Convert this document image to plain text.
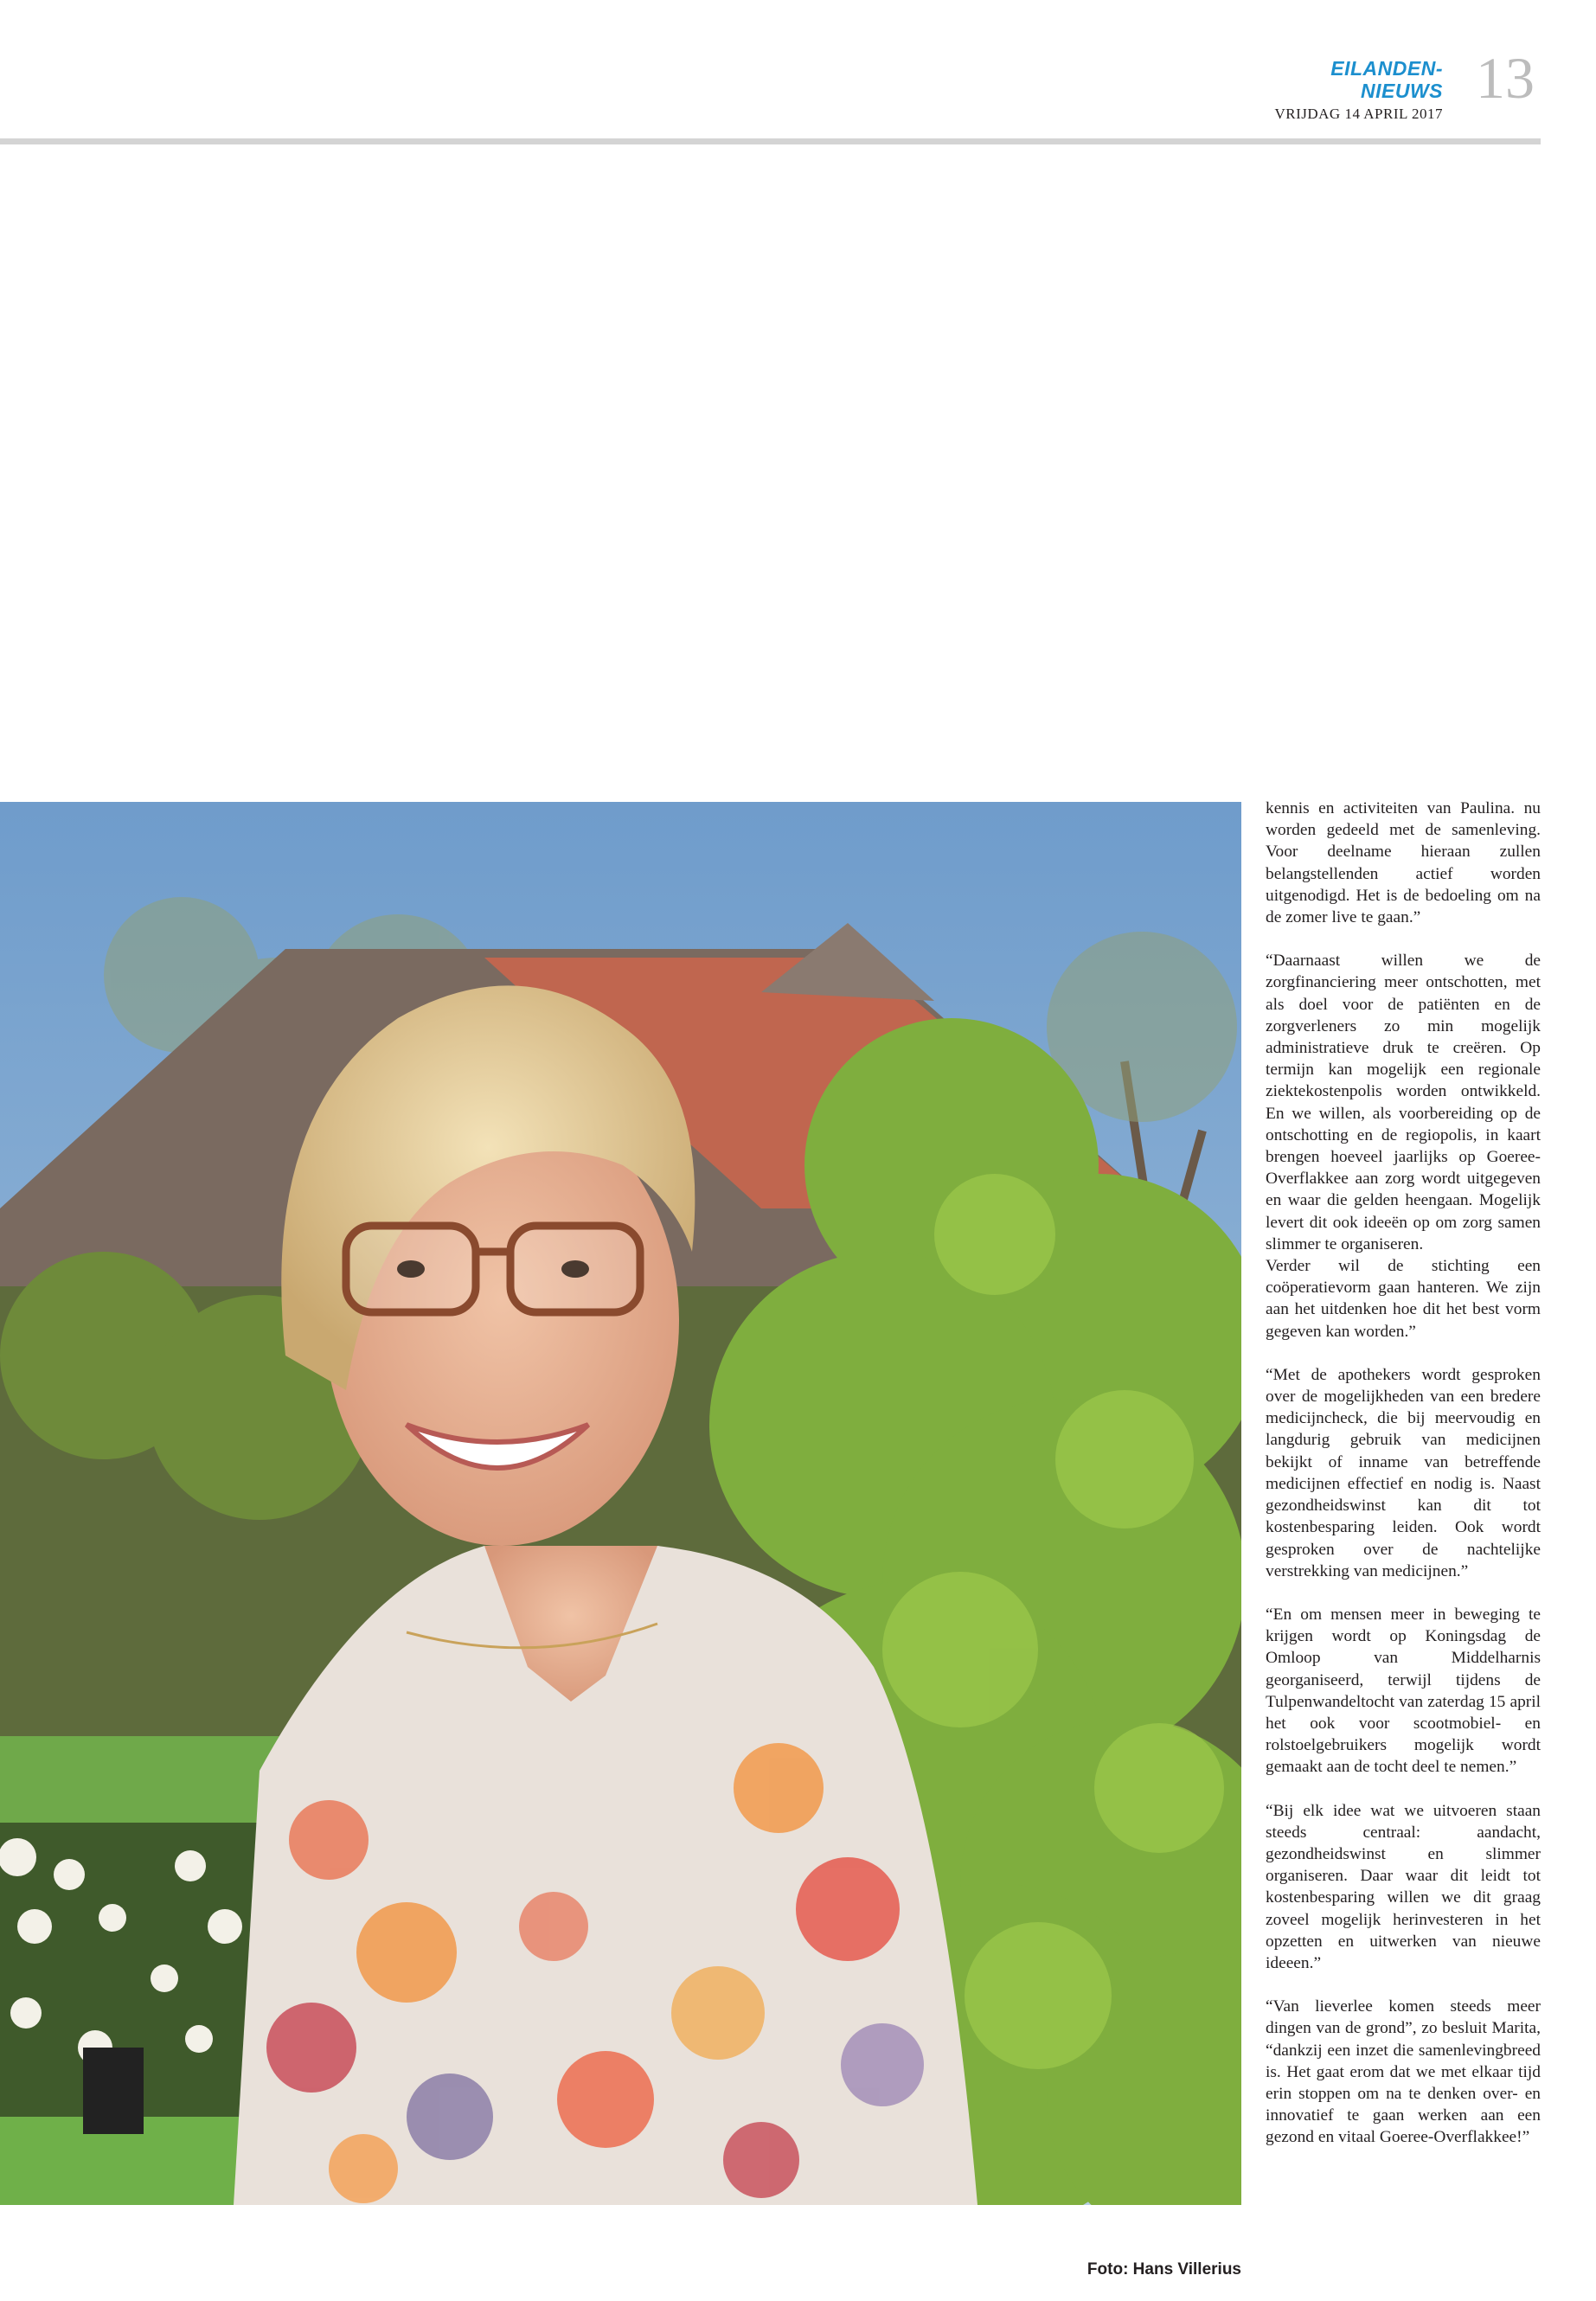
EILANDEN-NIEUWS
VRIJDAG 14 APRIL 2017
13
Foto: Hans Villerius

kennis en activiteiten van Paulina. nu worden gedeeld met de samenleving. Voor deelname hieraan zullen belangstellenden actief worden uitgenodigd. Het is de bedoeling om na de zomer live te gaan.”

“Daarnaast willen we de zorgfinanciering meer ontschotten, met als doel voor de patiënten en de zorgverleners zo min mogelijk administratieve druk te creëren. Op termijn kan mogelijk een regionale ziektekostenpolis worden ontwikkeld. En we willen, als voorbereiding op de ontschotting en de regiopolis, in kaart brengen hoeveel jaarlijks op Goeree-Overflakkee aan zorg wordt uitgegeven en waar die gelden heengaan. Mogelijk levert dit ook ideeën op om zorg samen slimmer te organiseren.

Verder wil de stichting een coöperatievorm gaan hanteren. We zijn aan het uitdenken hoe dit het best vorm gegeven kan worden.”

“Met de apothekers wordt gesproken over de mogelijkheden van een bredere medicijncheck, die bij meervoudig en langdurig gebruik van medicijnen bekijkt of inname van betreffende medicijnen effectief en nodig is. Naast gezondheidswinst kan dit tot kostenbesparing leiden. Ook wordt gesproken over de nachtelijke verstrekking van medicijnen.”

“En om mensen meer in beweging te krijgen wordt op Koningsdag de Omloop van Middelharnis georganiseerd, terwijl tijdens de Tulpenwandeltocht van zaterdag 15 april het ook voor scootmobiel- en rolstoelgebruikers mogelijk wordt gemaakt aan de tocht deel te nemen.”

“Bij elk idee wat we uitvoeren staan steeds centraal: aandacht, gezondheidswinst en slimmer organiseren. Daar waar dit leidt tot kostenbesparing willen we dit graag zoveel mogelijk herinvesteren in het opzetten en uitwerken van nieuwe ideeen.”

“Van lieverlee komen steeds meer dingen van de grond”, zo besluit Marita, “dankzij een inzet die samenlevingbreed is. Het gaat erom dat we met elkaar tijd erin stoppen om na te denken over- en innovatief te gaan werken aan een gezond en vitaal Goeree-Overflakkee!”
